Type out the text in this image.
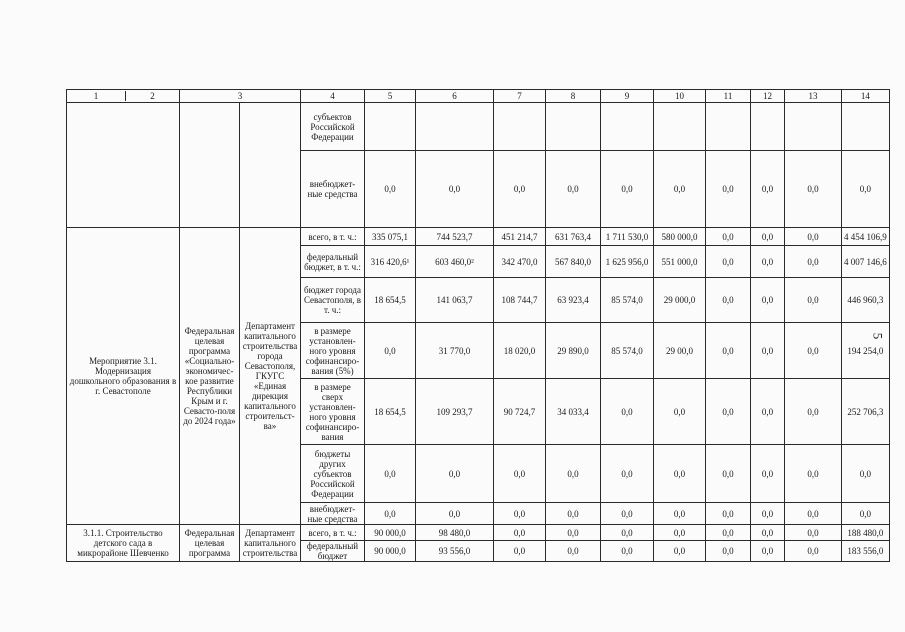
1 2	3		4	5	6	7	8	9	10	11	12	13	14
			субъектов Российской Федерации										
			внебюджет-ные средства	0,0	0,0	0,0	0,0	0,0	0,0	0,0	0,0	0,0	0,0
Мероприятие 3.1. Модернизация дошкольного образования в г. Севастополе	Федеральная целевая программа «Социально-экономичес-кое развитие Республики Крым и г. Севасто-поля до 2024 года»	Департамент капитального строительства города Севастополя, ГКУГС «Единая дирекция капитального строительст-ва»	всего, в т. ч.:	335 075,1	744 523,7	451 214,7	631 763,4	1 711 530,0	580 000,0	0,0	0,0	0,0	4 454 106,9
			федеральный бюджет, в т. ч.:	316 420,6¹	603 460,0²	342 470,0	567 840,0	1 625 956,0	551 000,0	0,0	0,0	0,0	4 007 146,6
			бюджет города Севастополя, в т. ч.:	18 654,5	141 063,7	108 744,7	63 923,4	85 574,0	29 000,0	0,0	0,0	0,0	446 960,3
			в размере установлен-ного уровня софинансиро-вания (5%)	0,0	31 770,0	18 020,0	29 890,0	85 574,0	29 00,0	0,0	0,0	0,0	194 254,0
			в размере сверх установлен-ного уровня софинансиро-вания	18 654,5	109 293,7	90 724,7	34 033,4	0,0	0,0	0,0	0,0	0,0	252 706,3
			бюджеты других субъектов Российской Федерации	0,0	0,0	0,0	0,0	0,0	0,0	0,0	0,0	0,0	0,0
			внебюджет-ные средства	0,0	0,0	0,0	0,0	0,0	0,0	0,0	0,0	0,0	0,0
3.1.1. Строительство детского сада в микрорайоне Шевченко	Федеральная целевая программа	Департамент капитального строительства	всего, в т. ч.:	90 000,0	98 480,0	0,0	0,0	0,0	0,0	0,0	0,0	0,0	188 480,0
			федеральный бюджет	90 000,0	93 556,0	0,0	0,0	0,0	0,0	0,0	0,0	0,0	183 556,0
5
